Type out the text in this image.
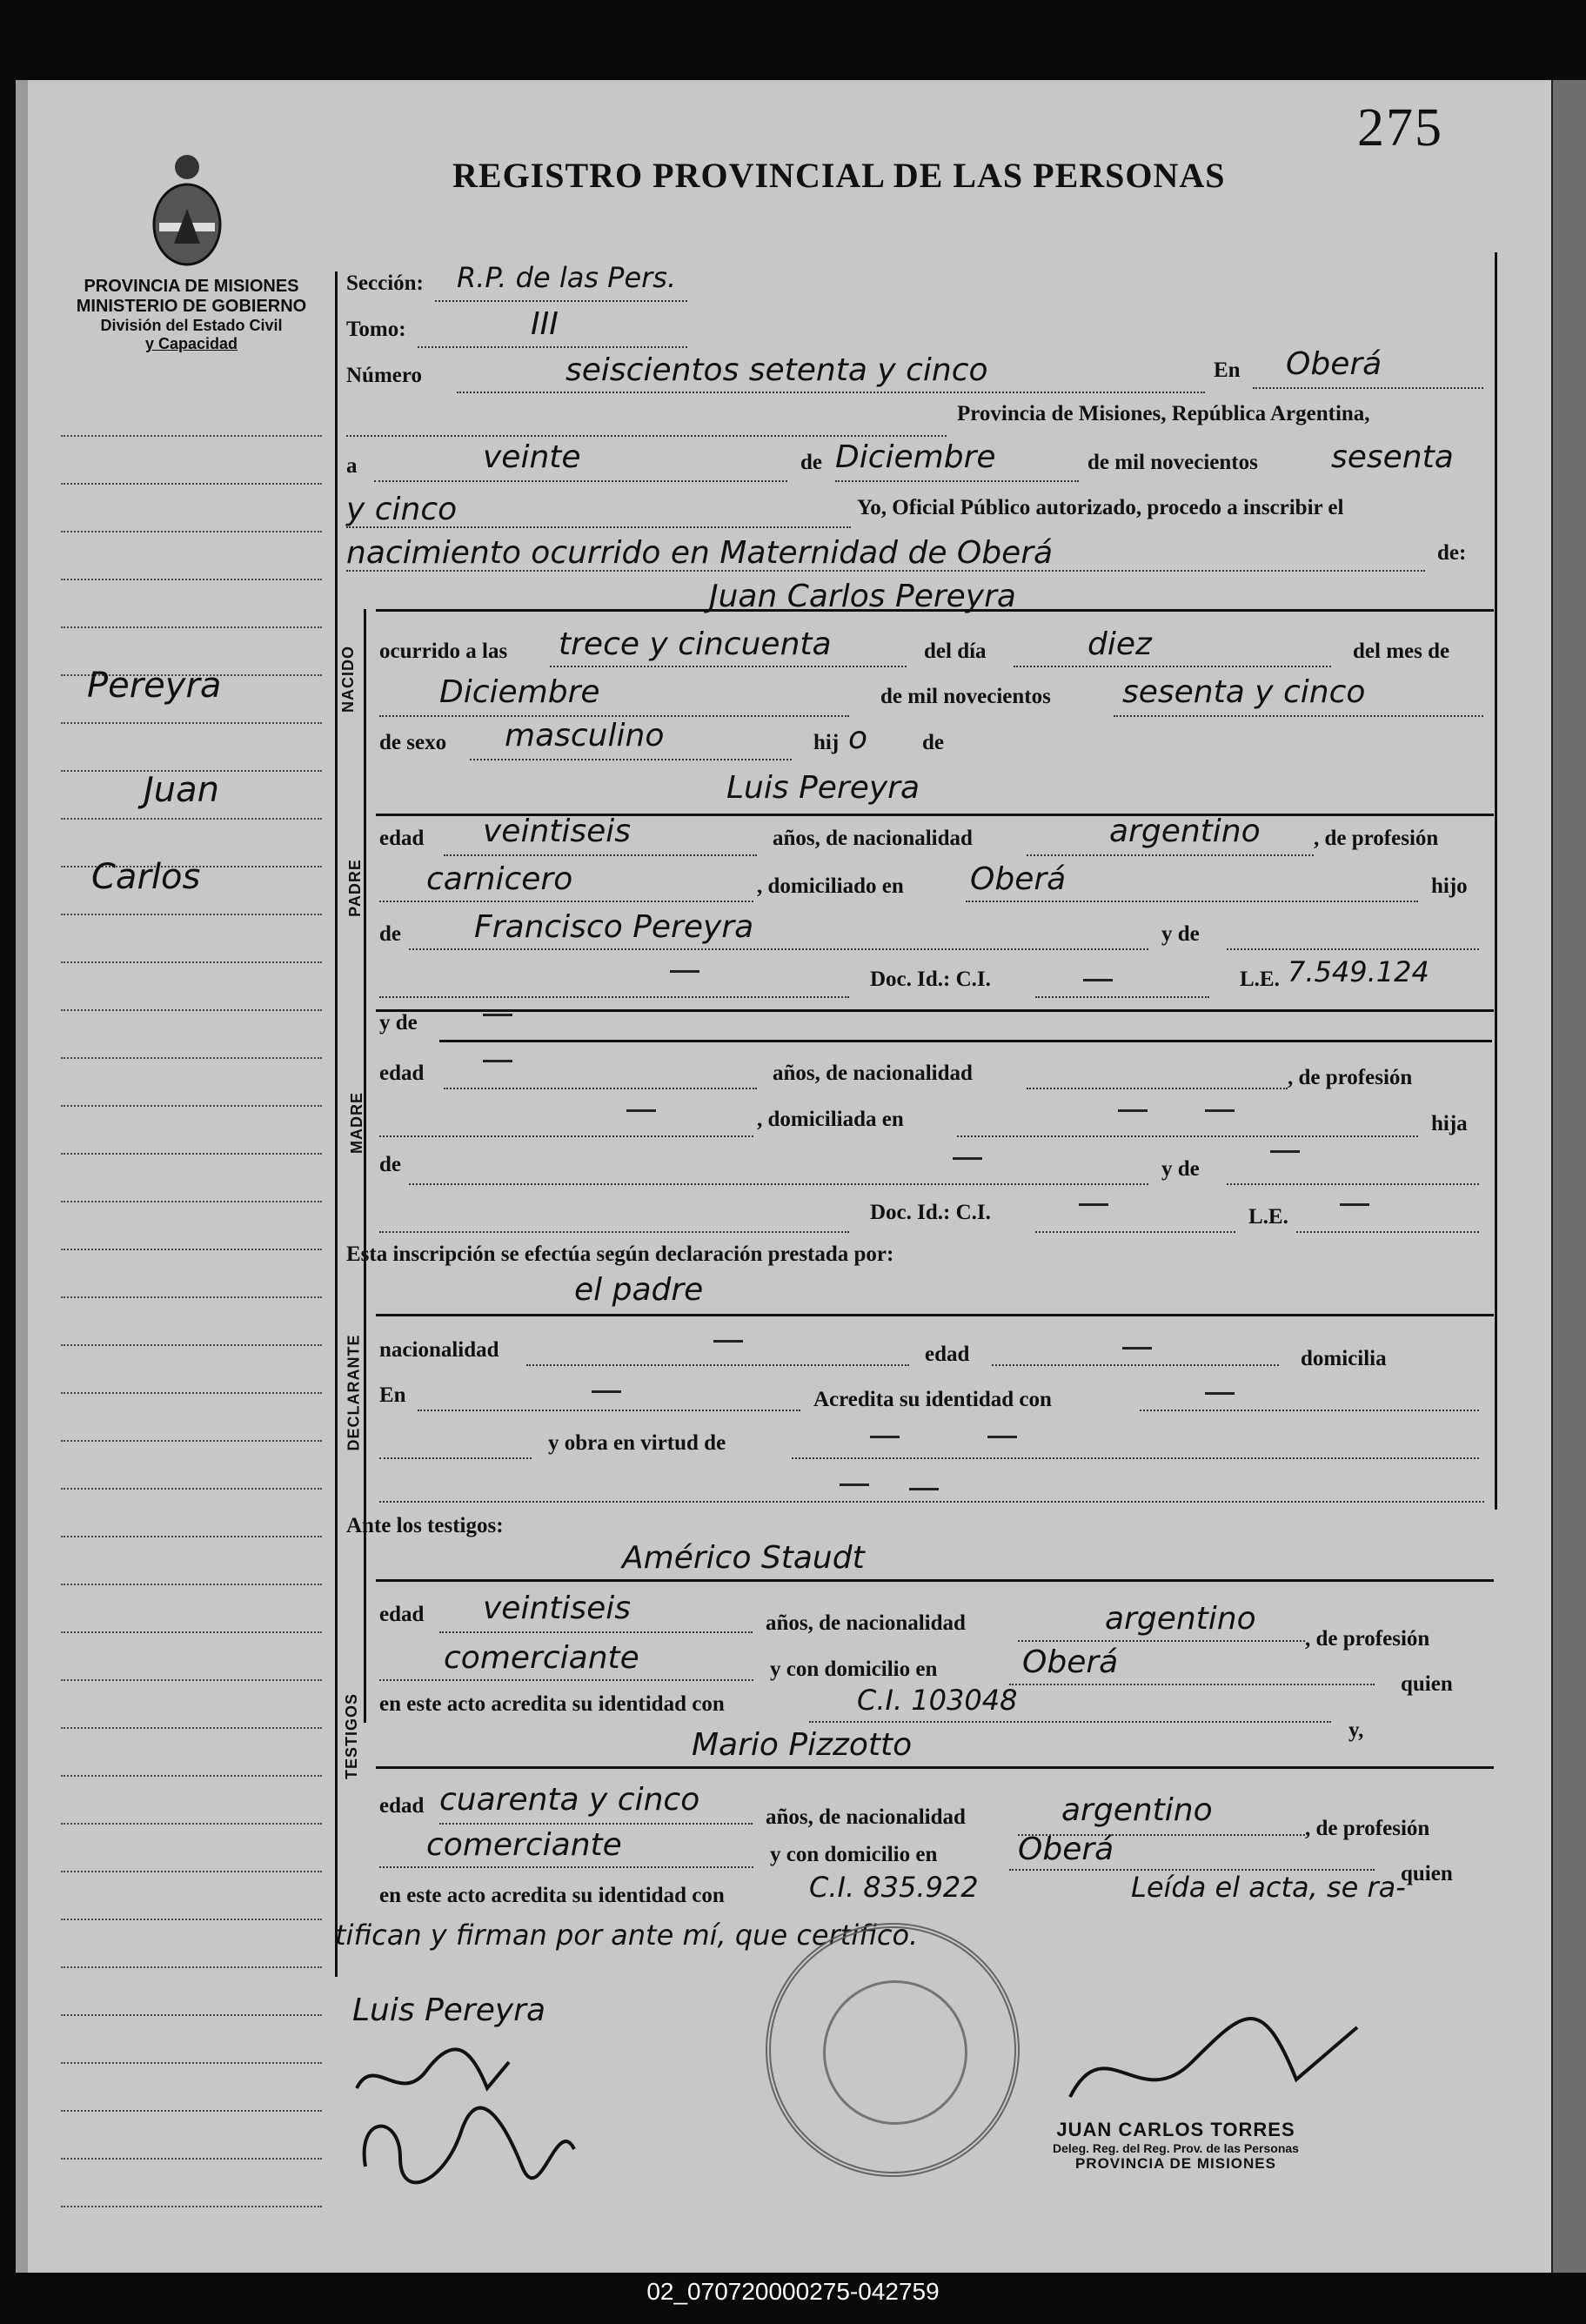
275
REGISTRO PROVINCIAL DE LAS PERSONAS
PROVINCIA DE MISIONES
MINISTERIO DE GOBIERNO
División del Estado Civil
y Capacidad
Pereyra
Juan
Carlos
Sección: R.P. de las Pers.
Tomo:	III
Número	seiscientos setenta y cinco	En Oberá
Provincia de Misiones, República Argentina,
a	veinte	de Diciembre	de mil novecientos sesenta
y cinco	Yo, Oficial Público autorizado, procedo a inscribir el
nacimiento ocurrido en Maternidad de Oberá	de:
NACIDO
Juan Carlos Pereyra
ocurrido a las trece y cincuenta	del día	diez	del mes de
Diciembre	de mil novecientos sesenta y cinco
de sexo masculino	hij o	de
PADRE
Luis Pereyra
edad veintiseis	años, de nacionalidad	argentino , de profesión
carnicero	, domiciliado en Oberá	hijo
de Francisco Pereyra	y de
Doc. Id.: C.I.	L.E. 7.549.124
MADRE
y de
edad	años, de nacionalidad	, de profesión
, domiciliada en	hija
de	y de
Doc. Id.: C.I.	L.E.
Esta inscripción se efectúa según declaración prestada por:
DECLARANTE
el padre
nacionalidad	edad	domicilia
En	Acredita su identidad con
y obra en virtud de
Ante los testigos:
TESTIGOS
Américo Staudt
edad veintiseis	años, de nacionalidad	argentino
, de profesión
comerciante	y con domicilio en	Oberá
quien
en este acto acredita su identidad con	C.I. 103048
y,
Mario Pizzotto
edad cuarenta y cinco	años, de nacionalidad	argentino
, de profesión
comerciante	y con domicilio en	Oberá
quien
en este acto acredita su identidad con	C.I. 835.922	Leída el acta, se ra-
tifican y firman por ante mí, que certifico.
Luis Pereyra
JUAN CARLOS TORRES
Deleg. Reg. del Reg. Prov. de las Personas
PROVINCIA DE MISIONES
02_070720000275-042759
